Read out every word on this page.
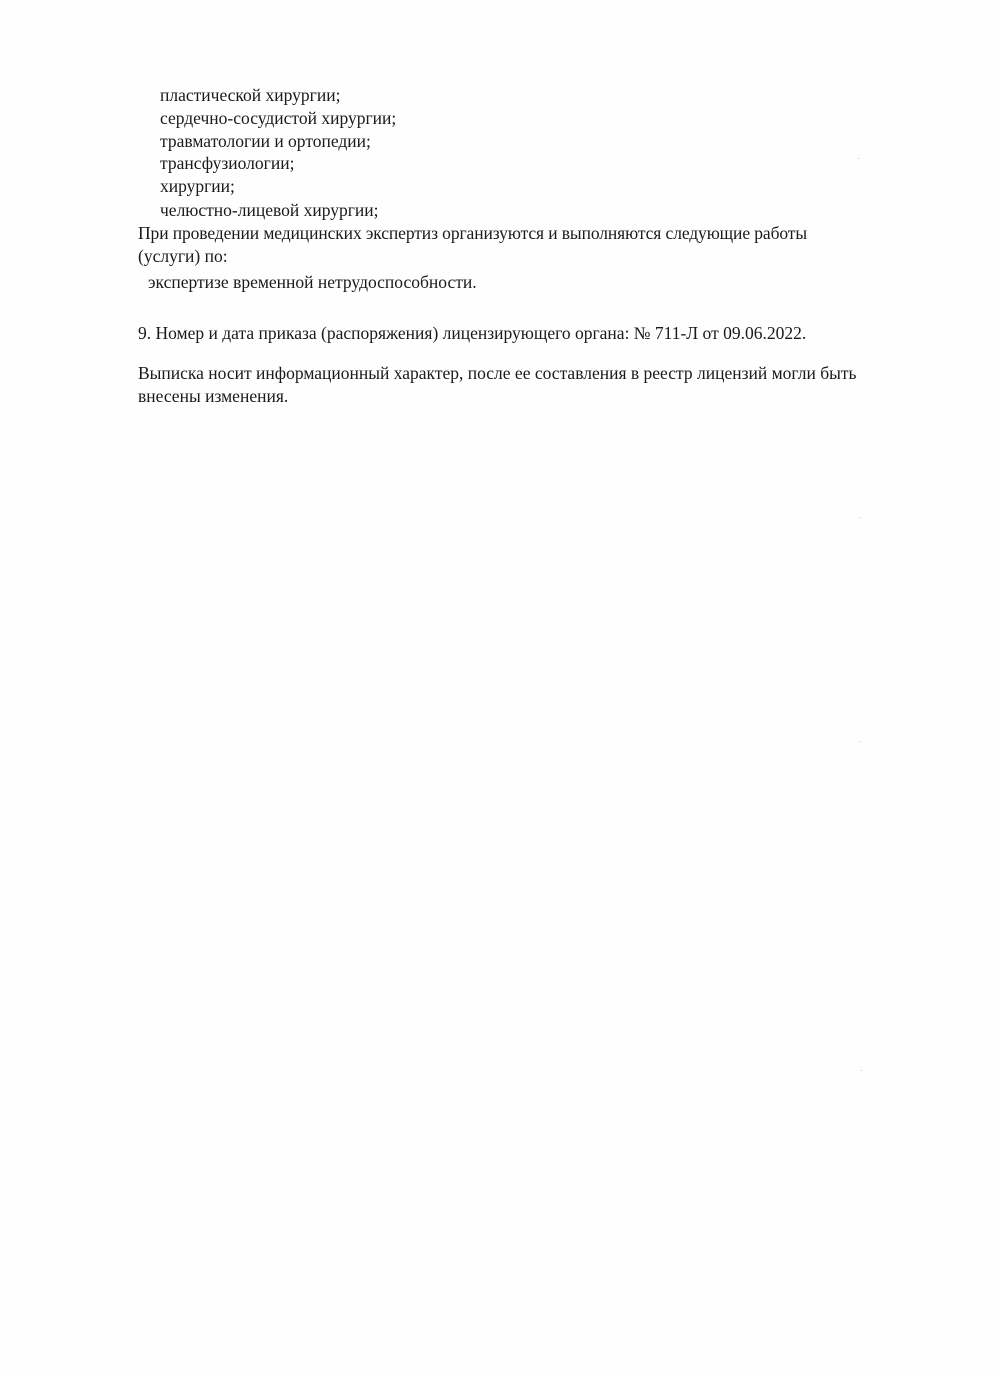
пластической хирургии;
сердечно-сосудистой хирургии;
травматологии и ортопедии;
трансфузиологии;
хирургии;
челюстно-лицевой хирургии;
При проведении медицинских экспертиз организуются и выполняются следующие работы
(услуги) по:
экспертизе временной нетрудоспособности.
9. Номер и дата приказа (распоряжения) лицензирующего органа: № 711-Л от 09.06.2022.
Выписка носит информационный характер, после ее составления в реестр лицензий могли быть
внесены изменения.
